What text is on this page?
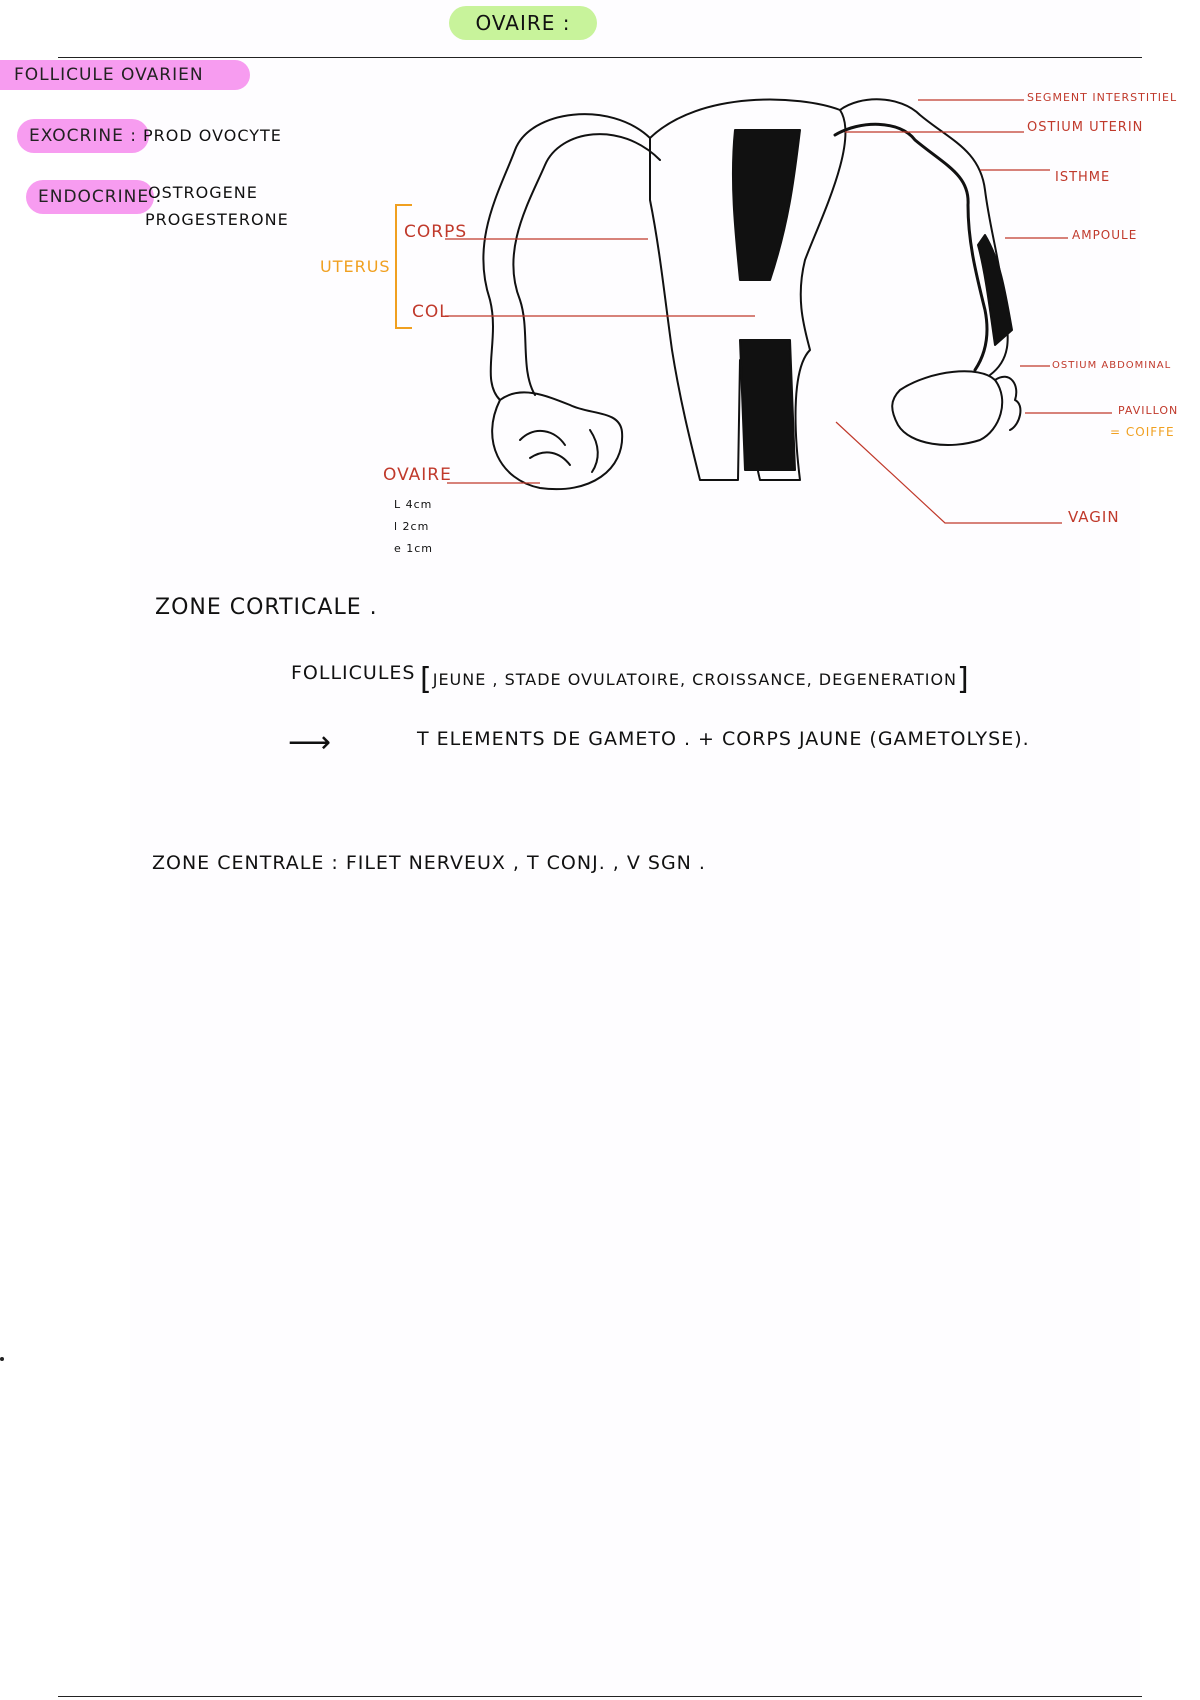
OVAIRE :
FOLLICULE OVARIEN
EXOCRINE : PROD OVOCYTE
ENDOCRINE :
OSTROGENE
PROGESTERONE
UTERUS
CORPS
COL
OVAIRE
L 4cm
l 2cm
e 1cm
SEGMENT INTERSTITIEL
OSTIUM UTERIN
ISTHME
AMPOULE
OSTIUM ABDOMINAL
PAVILLON
= COIFFE
VAGIN
ZONE CORTICALE .
FOLLICULES [JEUNE , STADE OVULATOIRE, CROISSANCE, DEGENERATION]
⟶	T ELEMENTS DE GAMETO . + CORPS JAUNE (GAMETOLYSE).
ZONE CENTRALE : FILET NERVEUX , T CONJ. , V SGN .
